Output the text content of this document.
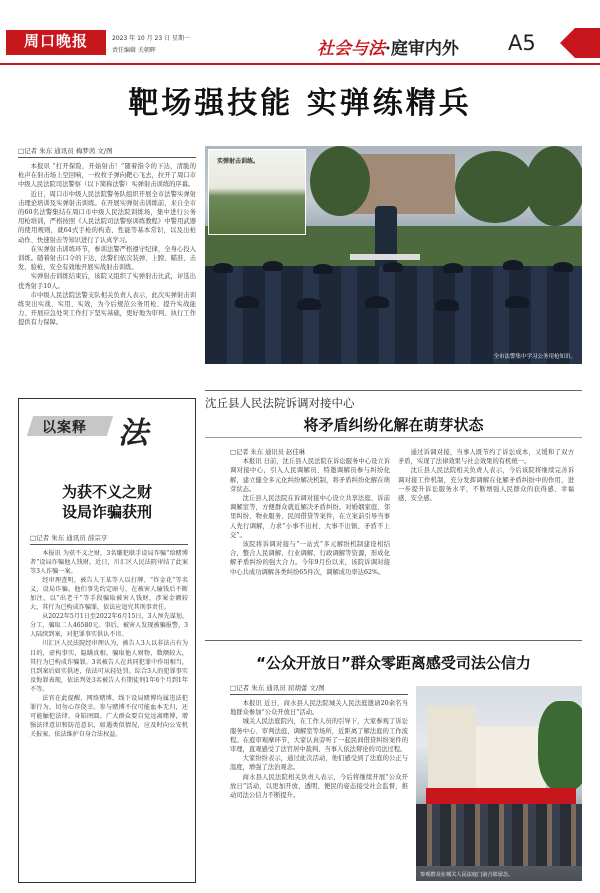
周口晚报	2023 年 10 月 23 日 星期一
责任编辑 关朝晖	社会与法·庭审内外 A5
靶场强技能 实弹练精兵
□记者 朱东 通讯员 梅梦茜 文/图

本报讯 “打开保险，开始射击！”随着指令的下达，清脆的枪声在射击场上空回响，一枚枚子弹向靶心飞去，拉开了周口市中级人民法院司法警察（以下简称法警）实弹射击训练的序幕。

近日，周口市中级人民法院警务队组织开展全市法警实弹射击理论培训及实弹射击训练。在开展实弹射击训练前，来自全市的60名法警集结在周口市中级人民法院训练场，集中进行公务用枪培训，严格按照《人民法院司法警察训练教程》中警用武器的使用规则，就64式手枪的构造、性能等基本常识，以及出枪动作、快速射击等知识进行了认真学习。

在实弹射击训练环节，参训法警严格遵守纪律，全身心投入训练。随着射击口令的下达，法警们依次装弹、上膛、瞄准、击发、验枪，安全有效地开展实战射击训练。

实弹射击训练结束后，该院又组织了实弹射击比武，评选出优秀射手10人。

市中级人民法院法警支队相关负责人表示，此次实弹射击训练突出实战、实用、实效，为今后规范公务用枪、提升实战能力、开展应急处突工作打下坚实基础，更好地为审判、执行工作提供有力保障。

实弹射击训练。
全市法警集中学习公务用枪知识。
以案释 法
为获不义之财
设局诈骗获刑
□记者 朱东 通讯员 薛宗亨

本报讯 为获不义之财，3名嫌犯联手设局诈骗“给赌博者”设局诈骗他人钱财。近日，川汇区人民法院审结了此案等3人诈骗一案。

经审理查明，被告人王某等人以打牌、“炸金花”等名义，设局诈骗。他们事先约定暗号，在被害人输钱后不断加注，以“出老千”等手段骗取被害人钱财，涉案金额较大，其行为已构成诈骗罪，依法应追究其刑事责任。

从2022年5月1日至2022年6月15日，3人预先谋划、分工，骗取二人46580元。事后，被害人发现被骗报警，3人陆续到案，对犯罪事实供认不讳。

川汇区人民法院经审理认为，被告人3人以非法占有为目的，虚构事实、隐瞒真相，骗取他人财物，数额较大，其行为已构成诈骗罪。3名被告人在共同犯罪中作用相当，且到案后如实供述，依法可从轻处罚。综合3人的犯罪事实及悔罪表现，依法判处3名被告人有期徒刑1年6个月到1年不等。

法官在此提醒，网络赌博、线下设局赌博均属违法犯罪行为，切勿心存侥幸。参与赌博不仅可能血本无归，还可能触犯法律、身陷囹圄。广大群众要自觉远离赌博，增强法律意识和防范意识，如遇类似情况，应及时向公安机关报案，依法维护自身合法权益。

沈丘县人民法院诉调对接中心
将矛盾纠纷化解在萌芽状态

□记者 朱东 通讯员 赵佳琳

本报讯 日前，沈丘县人民法院在诉讼服务中心设立诉调对接中心，引入人民调解员、特邀调解员参与纠纷化解，建立健全多元化纠纷解决机制，将矛盾纠纷化解在萌芽状态。

沈丘县人民法院在诉调对接中心设立共享法庭、诉前调解室等，方便群众就近解决矛盾纠纷。对婚姻家庭、邻里纠纷、物业服务、民间借贷等案件，在立案前引导当事人先行调解，力求“小事不出村、大事不出镇、矛盾不上交”。

该院将诉调对接与“一站式”多元解纷机制建设相结合，整合人民调解、行业调解、行政调解等资源，形成化解矛盾纠纷的强大合力。今年9月份以来，该院诉调对接中心共成功调解各类纠纷65件次，调解成功率达62%。

通过诉调对接，当事人既节约了诉讼成本，又缓和了双方矛盾，实现了法律效果与社会效果的有机统一。

沈丘县人民法院相关负责人表示，今后该院将继续完善诉调对接工作机制，充分发挥调解在化解矛盾纠纷中的作用，进一步提升诉讼服务水平，不断增强人民群众的获得感、幸福感、安全感。

“公众开放日”群众零距离感受司法公信力
□记者 朱东 通讯员 屈胡蕾 文/图

本报讯 近日，商水县人民法院城关人民法庭邀请20余名当地群众参加“公众开放日”活动。

城关人民法庭院内，在工作人员的引导下，大家参观了诉讼服务中心、审判法庭、调解室等场所，近距离了解法庭的工作流程。在庭审观摩环节，大家认真旁听了一起民间借贷纠纷案件的审理，直观感受了法官居中裁判、当事人依法辩论的司法过程。

大家纷纷表示，通过此次活动，他们感受到了法庭的公正与温度，增强了法治观念。

商水县人民法院相关负责人表示，今后将继续开展“公众开放日”活动，以更加开放、透明、便民的姿态接受社会监督，推动司法公信力不断提升。

参观群众在城关人民法庭门前合影留念。
